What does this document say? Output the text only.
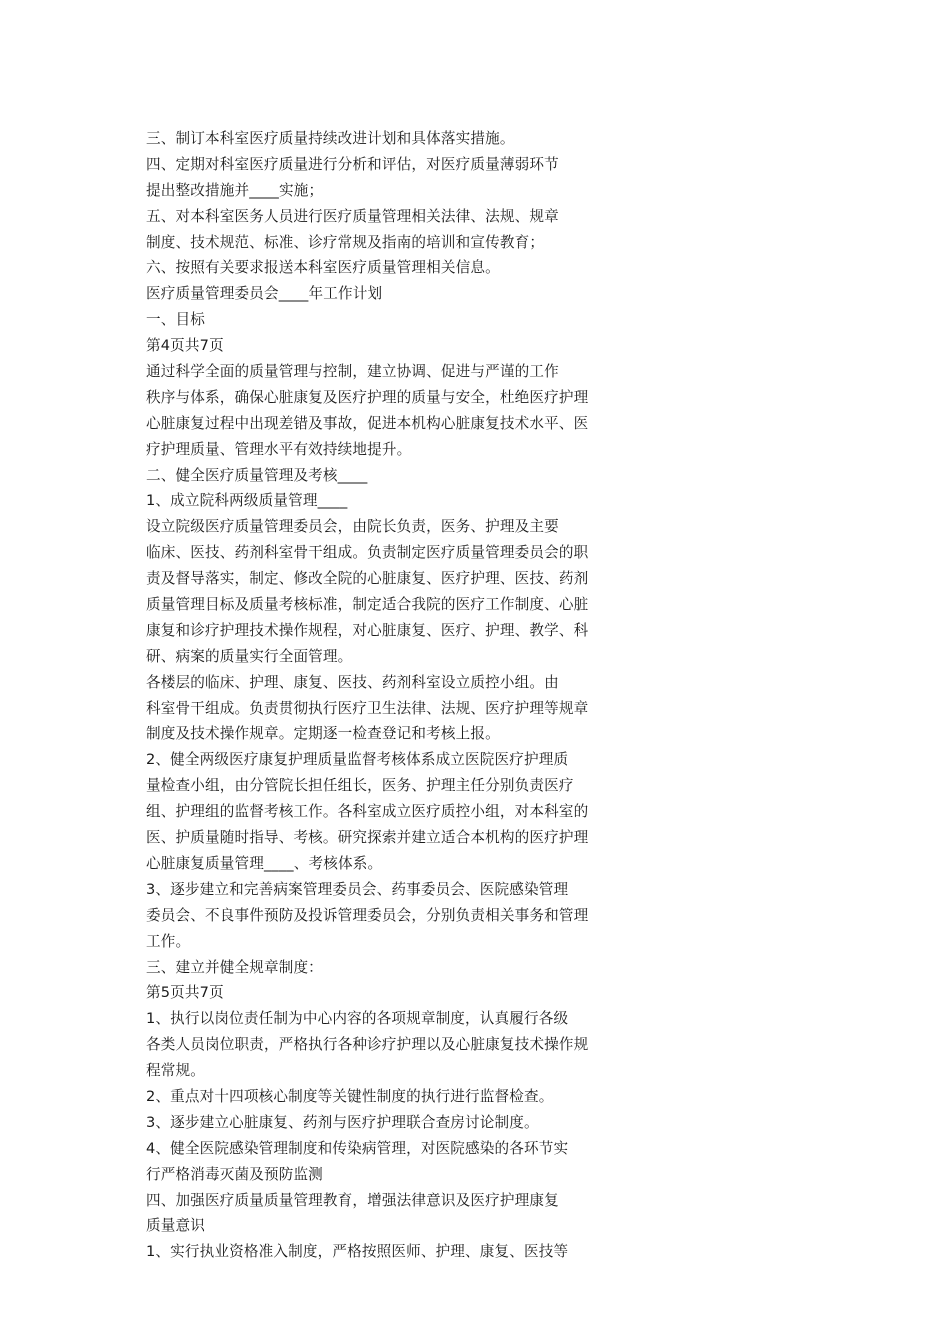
三、制订本科室医疗质量持续改进计划和具体落实措施。
四、定期对科室医疗质量进行分析和评估，对医疗质量薄弱环节
提出整改措施并____实施；
五、对本科室医务人员进行医疗质量管理相关法律、法规、规章
制度、技术规范、标准、诊疗常规及指南的培训和宣传教育；
六、按照有关要求报送本科室医疗质量管理相关信息。
医疗质量管理委员会____年工作计划
一、目标
第4页共7页
通过科学全面的质量管理与控制，建立协调、促进与严谨的工作
秩序与体系，确保心脏康复及医疗护理的质量与安全，杜绝医疗护理
心脏康复过程中出现差错及事故，促进本机构心脏康复技术水平、医
疗护理质量、管理水平有效持续地提升。
二、健全医疗质量管理及考核____
1、成立院科两级质量管理____
设立院级医疗质量管理委员会，由院长负责，医务、护理及主要
临床、医技、药剂科室骨干组成。负责制定医疗质量管理委员会的职
责及督导落实，制定、修改全院的心脏康复、医疗护理、医技、药剂
质量管理目标及质量考核标准，制定适合我院的医疗工作制度、心脏
康复和诊疗护理技术操作规程，对心脏康复、医疗、护理、教学、科
研、病案的质量实行全面管理。
各楼层的临床、护理、康复、医技、药剂科室设立质控小组。由
科室骨干组成。负责贯彻执行医疗卫生法律、法规、医疗护理等规章
制度及技术操作规章。定期逐一检查登记和考核上报。
2、健全两级医疗康复护理质量监督考核体系成立医院医疗护理质
量检查小组，由分管院长担任组长，医务、护理主任分别负责医疗
组、护理组的监督考核工作。各科室成立医疗质控小组，对本科室的
医、护质量随时指导、考核。研究探索并建立适合本机构的医疗护理
心脏康复质量管理____、考核体系。
3、逐步建立和完善病案管理委员会、药事委员会、医院感染管理
委员会、不良事件预防及投诉管理委员会，分别负责相关事务和管理
工作。
三、建立并健全规章制度：
第5页共7页
1、执行以岗位责任制为中心内容的各项规章制度，认真履行各级
各类人员岗位职责，严格执行各种诊疗护理以及心脏康复技术操作规
程常规。
2、重点对十四项核心制度等关键性制度的执行进行监督检查。
3、逐步建立心脏康复、药剂与医疗护理联合查房讨论制度。
4、健全医院感染管理制度和传染病管理，对医院感染的各环节实
行严格消毒灭菌及预防监测
四、加强医疗质量质量管理教育，增强法律意识及医疗护理康复
质量意识
1、实行执业资格准入制度，严格按照医师、护理、康复、医技等
